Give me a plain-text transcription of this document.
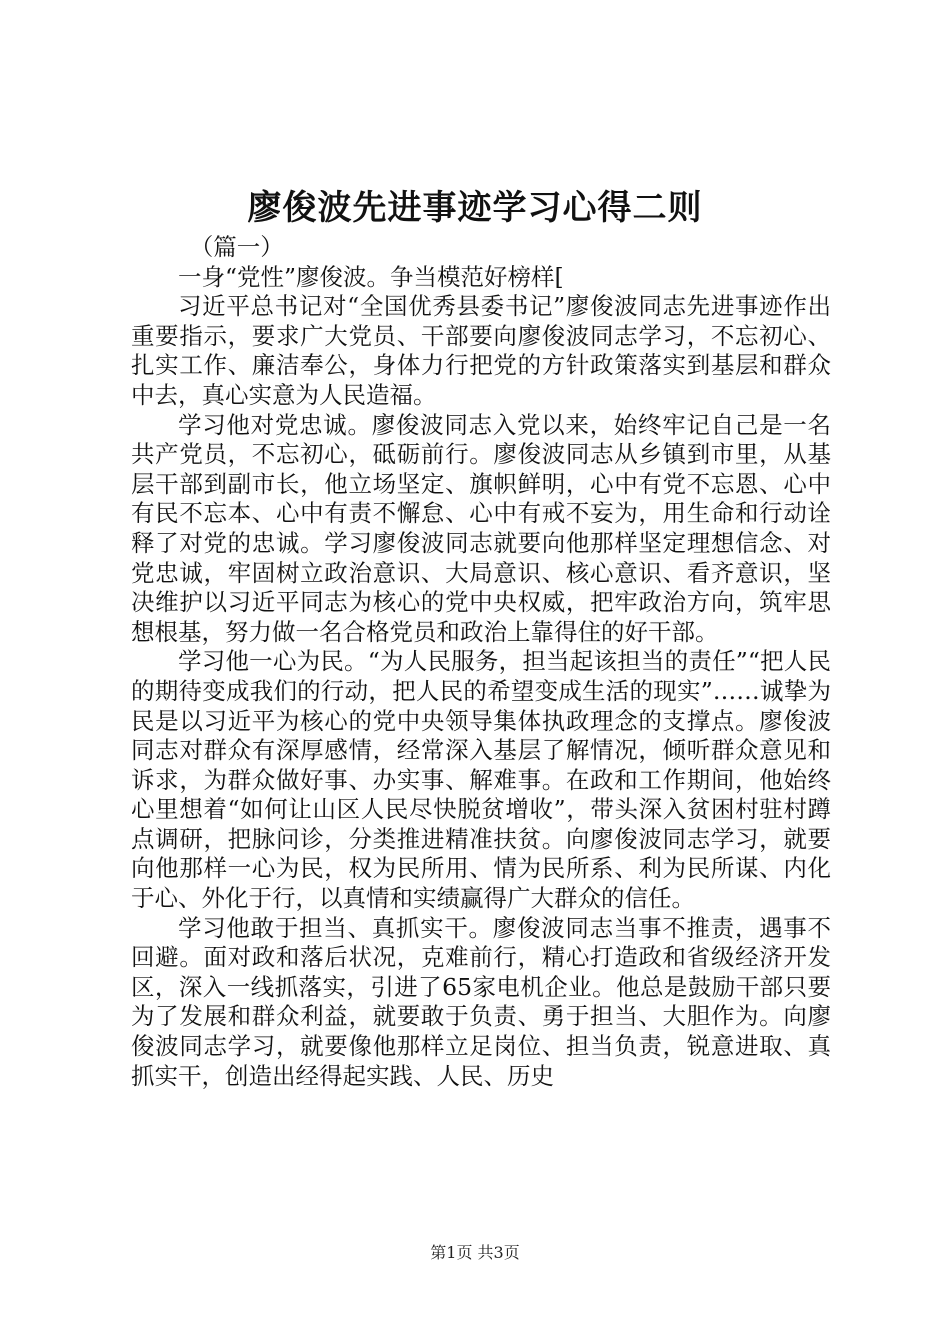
廖俊波先进事迹学习心得二则

（篇一）

一身“党性”廖俊波。争当模范好榜样[

习近平总书记对“全国优秀县委书记”廖俊波同志先进事迹作出重要指示，要求广大党员、干部要向廖俊波同志学习，不忘初心、扎实工作、廉洁奉公，身体力行把党的方针政策落实到基层和群众中去，真心实意为人民造福。

学习他对党忠诚。廖俊波同志入党以来，始终牢记自己是一名共产党员，不忘初心，砥砺前行。廖俊波同志从乡镇到市里，从基层干部到副市长，他立场坚定、旗帜鲜明，心中有党不忘恩、心中有民不忘本、心中有责不懈怠、心中有戒不妄为，用生命和行动诠释了对党的忠诚。学习廖俊波同志就要向他那样坚定理想信念、对党忠诚，牢固树立政治意识、大局意识、核心意识、看齐意识，坚决维护以习近平同志为核心的党中央权威，把牢政治方向，筑牢思想根基，努力做一名合格党员和政治上靠得住的好干部。

学习他一心为民。“为人民服务，担当起该担当的责任”“把人民的期待变成我们的行动，把人民的希望变成生活的现实”……诚挚为民是以习近平为核心的党中央领导集体执政理念的支撑点。廖俊波同志对群众有深厚感情，经常深入基层了解情况，倾听群众意见和诉求，为群众做好事、办实事、解难事。在政和工作期间，他始终心里想着“如何让山区人民尽快脱贫增收”，带头深入贫困村驻村蹲点调研，把脉问诊，分类推进精准扶贫。向廖俊波同志学习，就要向他那样一心为民，权为民所用、情为民所系、利为民所谋、内化于心、外化于行，以真情和实绩赢得广大群众的信任。

学习他敢于担当、真抓实干。廖俊波同志当事不推责，遇事不回避。面对政和落后状况，克难前行，精心打造政和省级经济开发区，深入一线抓落实，引进了65家电机企业。他总是鼓励干部只要为了发展和群众利益，就要敢于负责、勇于担当、大胆作为。向廖俊波同志学习，就要像他那样立足岗位、担当负责，锐意进取、真抓实干，创造出经得起实践、人民、历史

第1页 共3页
